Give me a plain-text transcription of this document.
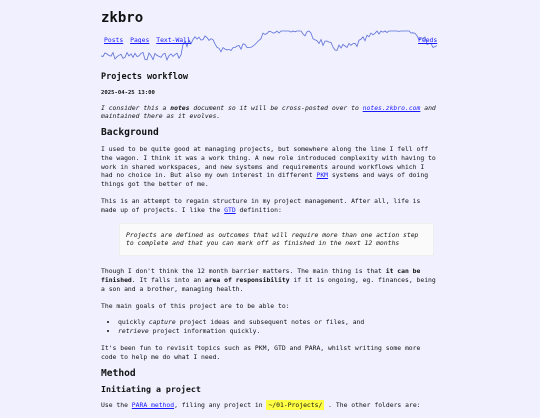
zkbro
Posts Pages Text-Wall	Feeds
Projects workflow
2025-04-25 13:00

I consider this a notes document so it will be cross-posted over to notes.zkbro.com and maintained there as it evolves.

Background

I used to be quite good at managing projects, but somewhere along the line I fell off the wagon. I think it was a work thing. A new role introduced complexity with having to work in shared workspaces, and new systems and requirements around workflows which I had no choice in. But also my own interest in different PKM systems and ways of doing things got the better of me.

This is an attempt to regain structure in my project management. After all, life is made up of projects. I like the GTD definition:

Projects are defined as outcomes that will require more than one action step to complete and that you can mark off as finished in the next 12 months

Though I don't think the 12 month barrier matters. The main thing is that it can be finished. It falls into an area of responsibility if it is ongoing, eg. finances, being a son and a brother, managing health.

The main goals of this project are to be able to:

• quickly capture project ideas and subsequent notes or files, and
• retrieve project information quickly.

It's been fun to revisit topics such as PKM, GTD and PARA, whilst writing some more code to help me do what I need.

Method
Initiating a project

Use the PARA method, filing any project in ~/01-Projects/ . The other folders are:
